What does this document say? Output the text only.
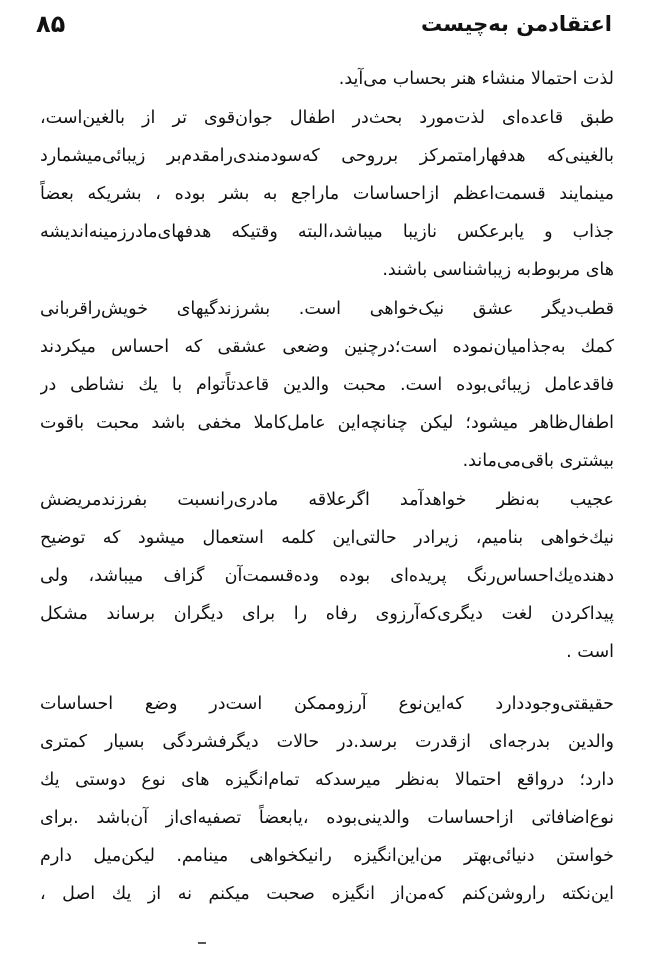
اعتقادمن به‌چیست
۸۵
لذت احتمالا منشاء هنر بحساب می‌آید.
طبق قاعده‌ای لذت‌مورد بحث‌در اطفال جوان‌قوی تر از بالغین‌است،
بالغینی‌که هدفهارامتمرکز برروحی که‌سودمندی‌رامقدم‌بر زیبائی‌میشمارد
مینمایند قسمت‌اعظم ازاحساسات ماراجع به بشر بوده ، بشریکه بعضاً
جذاب و یابرعکس نازیبا میباشد،البته وقتیکه هدفهای‌مادرزمینه‌اندیشه
های مربوط‌به زیباشناسی باشند.
قطب‌دیگر عشق نیک‌خواهی است. بشرزندگیهای خویش‌راقربانی
کمك به‌جذامیان‌نموده است؛درچنین وضعی عشقی که احساس میکردند
فاقدعامل زیبائی‌بوده است. محبت والدین قاعدتاًتوام با یك نشاطی در
اطفال‌ظاهر میشود؛ لیکن چنانچه‌این عامل‌کاملا مخفی باشد محبت باقوت
بیشتری باقی‌می‌ماند.
عجیب به‌نظر خواهدآمد اگرعلاقه مادری‌رانسبت بفرزندمریضش
نیك‌خواهی بنامیم، زیرادر حالتی‌این کلمه استعمال میشود که توضیح
دهنده‌یك‌احساس‌رنگ پریده‌ای بوده و‌ده‌قسمت‌آن گزاف میباشد، ولی
پیداکردن لغت دیگری‌که‌آرزوی رفاه را برای دیگران برساند مشکل
است .
حقیقتی‌وجوددارد که‌این‌نوع آرزوممکن است‌در وضع احساسات
والدین بدرجه‌ای ازقدرت برسد.در حالات دیگرفشردگی بسیار کمتری
دارد؛ درواقع احتمالا به‌نظر میرسدکه تمام‌انگیزه های نوع دوستی یك
نوع‌اضافاتی ازاحساسات والدینی‌بوده ،یابعضاً تصفیه‌ای‌از آن‌باشد .برای
خواستن دنیائی‌بهتر من‌این‌انگیزه رانیکخواهی مینامم. لیکن‌میل دارم
این‌نکته راروشن‌کنم که‌من‌از انگیزه صحبت میکنم نه از یك اصل ،
